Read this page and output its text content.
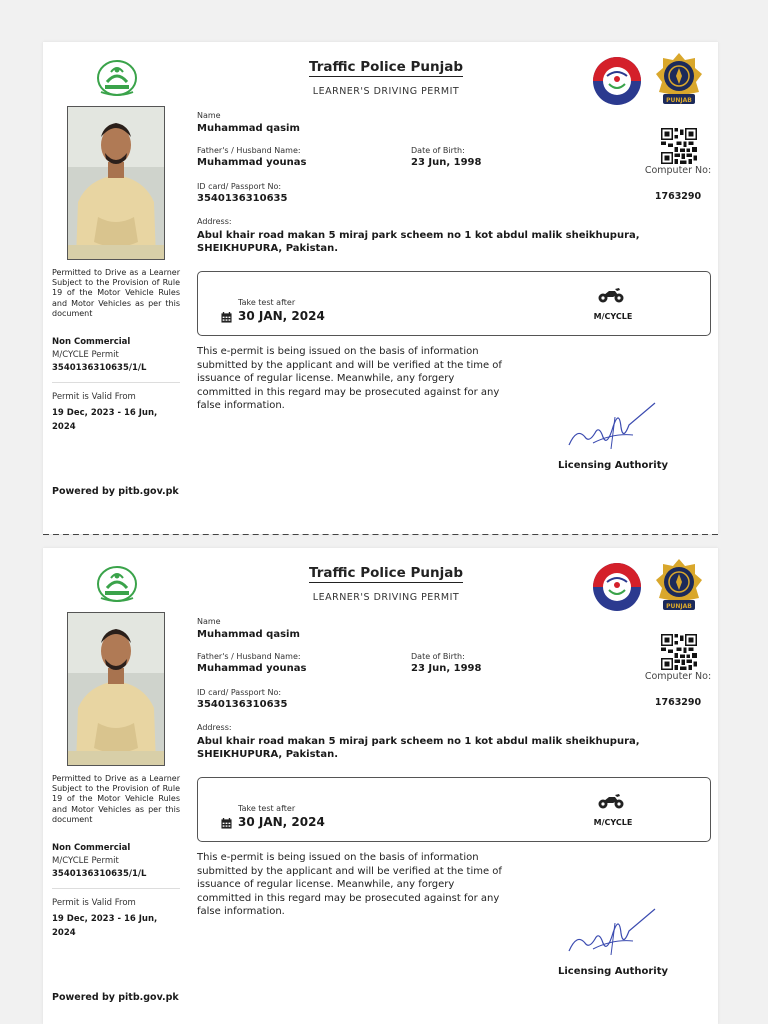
Traffic Police Punjab
LEARNER'S DRIVING PERMIT
PUNJAB
Computer No:
1763290
Name
Muhammad qasim
Father's / Husband Name:
Muhammad younas
Date of Birth:
23 Jun, 1998
ID card/ Passport No:
3540136310635
Address:
Abul khair road makan 5 miraj park scheem no 1 kot abdul malik sheikhupura, SHEIKHUPURA, Pakistan.
Permitted to Drive as a Learner Subject to the Provision of Rule 19 of the Motor Vehicle Rules and Motor Vehicles as per this document
Non Commercial
M/CYCLE Permit
3540136310635/1/L
Permit is Valid From
19 Dec, 2023 - 16 Jun, 2024
Powered by pitb.gov.pk
Take test after
30 JAN, 2024	M/CYCLE
This e-permit is being issued on the basis of information submitted by the applicant and will be verified at the time of issuance of regular license. Meanwhile, any forgery committed in this regard may be prosecuted against for any false information.
Licensing Authority
Traffic Police Punjab
LEARNER'S DRIVING PERMIT
PUNJAB
Computer No:
1763290
Name
Muhammad qasim
Father's / Husband Name:
Muhammad younas
Date of Birth:
23 Jun, 1998
ID card/ Passport No:
3540136310635
Address:
Abul khair road makan 5 miraj park scheem no 1 kot abdul malik sheikhupura, SHEIKHUPURA, Pakistan.
Permitted to Drive as a Learner Subject to the Provision of Rule 19 of the Motor Vehicle Rules and Motor Vehicles as per this document
Non Commercial
M/CYCLE Permit
3540136310635/1/L
Permit is Valid From
19 Dec, 2023 - 16 Jun, 2024
Powered by pitb.gov.pk
Take test after
30 JAN, 2024	M/CYCLE
This e-permit is being issued on the basis of information submitted by the applicant and will be verified at the time of issuance of regular license. Meanwhile, any forgery committed in this regard may be prosecuted against for any false information.
Licensing Authority
